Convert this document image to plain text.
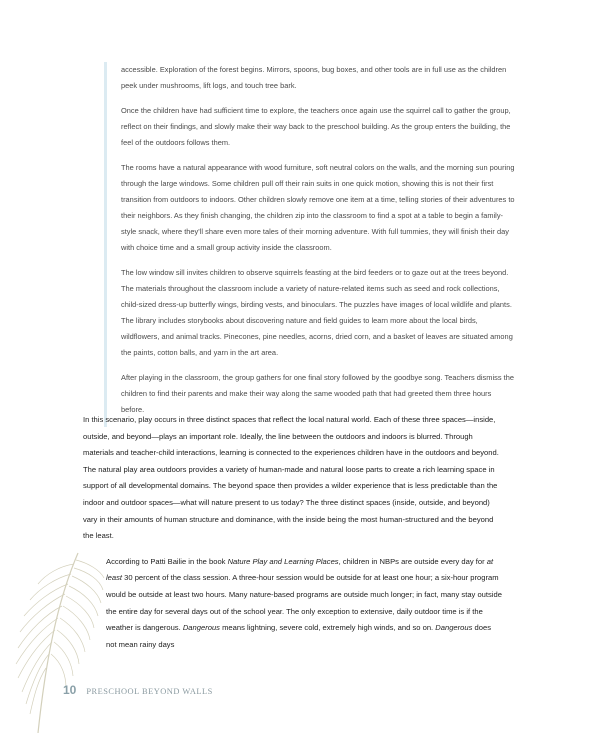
accessible. Exploration of the forest begins. Mirrors, spoons, bug boxes, and other tools are in full use as the children peek under mushrooms, lift logs, and touch tree bark.

Once the children have had sufficient time to explore, the teachers once again use the squirrel call to gather the group, reflect on their findings, and slowly make their way back to the preschool building. As the group enters the building, the feel of the outdoors follows them.

The rooms have a natural appearance with wood furniture, soft neutral colors on the walls, and the morning sun pouring through the large windows. Some children pull off their rain suits in one quick motion, showing this is not their first transition from outdoors to indoors. Other children slowly remove one item at a time, telling stories of their adventures to their neighbors. As they finish changing, the children zip into the classroom to find a spot at a table to begin a family-style snack, where they'll share even more tales of their morning adventure. With full tummies, they will finish their day with choice time and a small group activity inside the classroom.

The low window sill invites children to observe squirrels feasting at the bird feeders or to gaze out at the trees beyond. The materials throughout the classroom include a variety of nature-related items such as seed and rock collections, child-sized dress-up butterfly wings, birding vests, and binoculars. The puzzles have images of local wildlife and plants. The library includes storybooks about discovering nature and field guides to learn more about the local birds, wildflowers, and animal tracks. Pinecones, pine needles, acorns, dried corn, and a basket of leaves are situated among the paints, cotton balls, and yarn in the art area.

After playing in the classroom, the group gathers for one final story followed by the goodbye song. Teachers dismiss the children to find their parents and make their way along the same wooded path that had greeted them three hours before.

In this scenario, play occurs in three distinct spaces that reflect the local natural world. Each of these three spaces—inside, outside, and beyond—plays an important role. Ideally, the line between the outdoors and indoors is blurred. Through materials and teacher-child interactions, learning is connected to the experiences children have in the outdoors and beyond. The natural play area outdoors provides a variety of human-made and natural loose parts to create a rich learning space in support of all developmental domains. The beyond space then provides a wilder experience that is less predictable than the indoor and outdoor spaces—what will nature present to us today? The three distinct spaces (inside, outside, and beyond) vary in their amounts of human structure and dominance, with the inside being the most human-structured and the beyond the least.

According to Patti Bailie in the book Nature Play and Learning Places, children in NBPs are outside every day for at least 30 percent of the class session. A three-hour session would be outside for at least one hour; a six-hour program would be outside at least two hours. Many nature-based programs are outside much longer; in fact, many stay outside the entire day for several days out of the school year. The only exception to extensive, daily outdoor time is if the weather is dangerous. Dangerous means lightning, severe cold, extremely high winds, and so on. Dangerous does not mean rainy days

10 PRESCHOOL BEYOND WALLS
